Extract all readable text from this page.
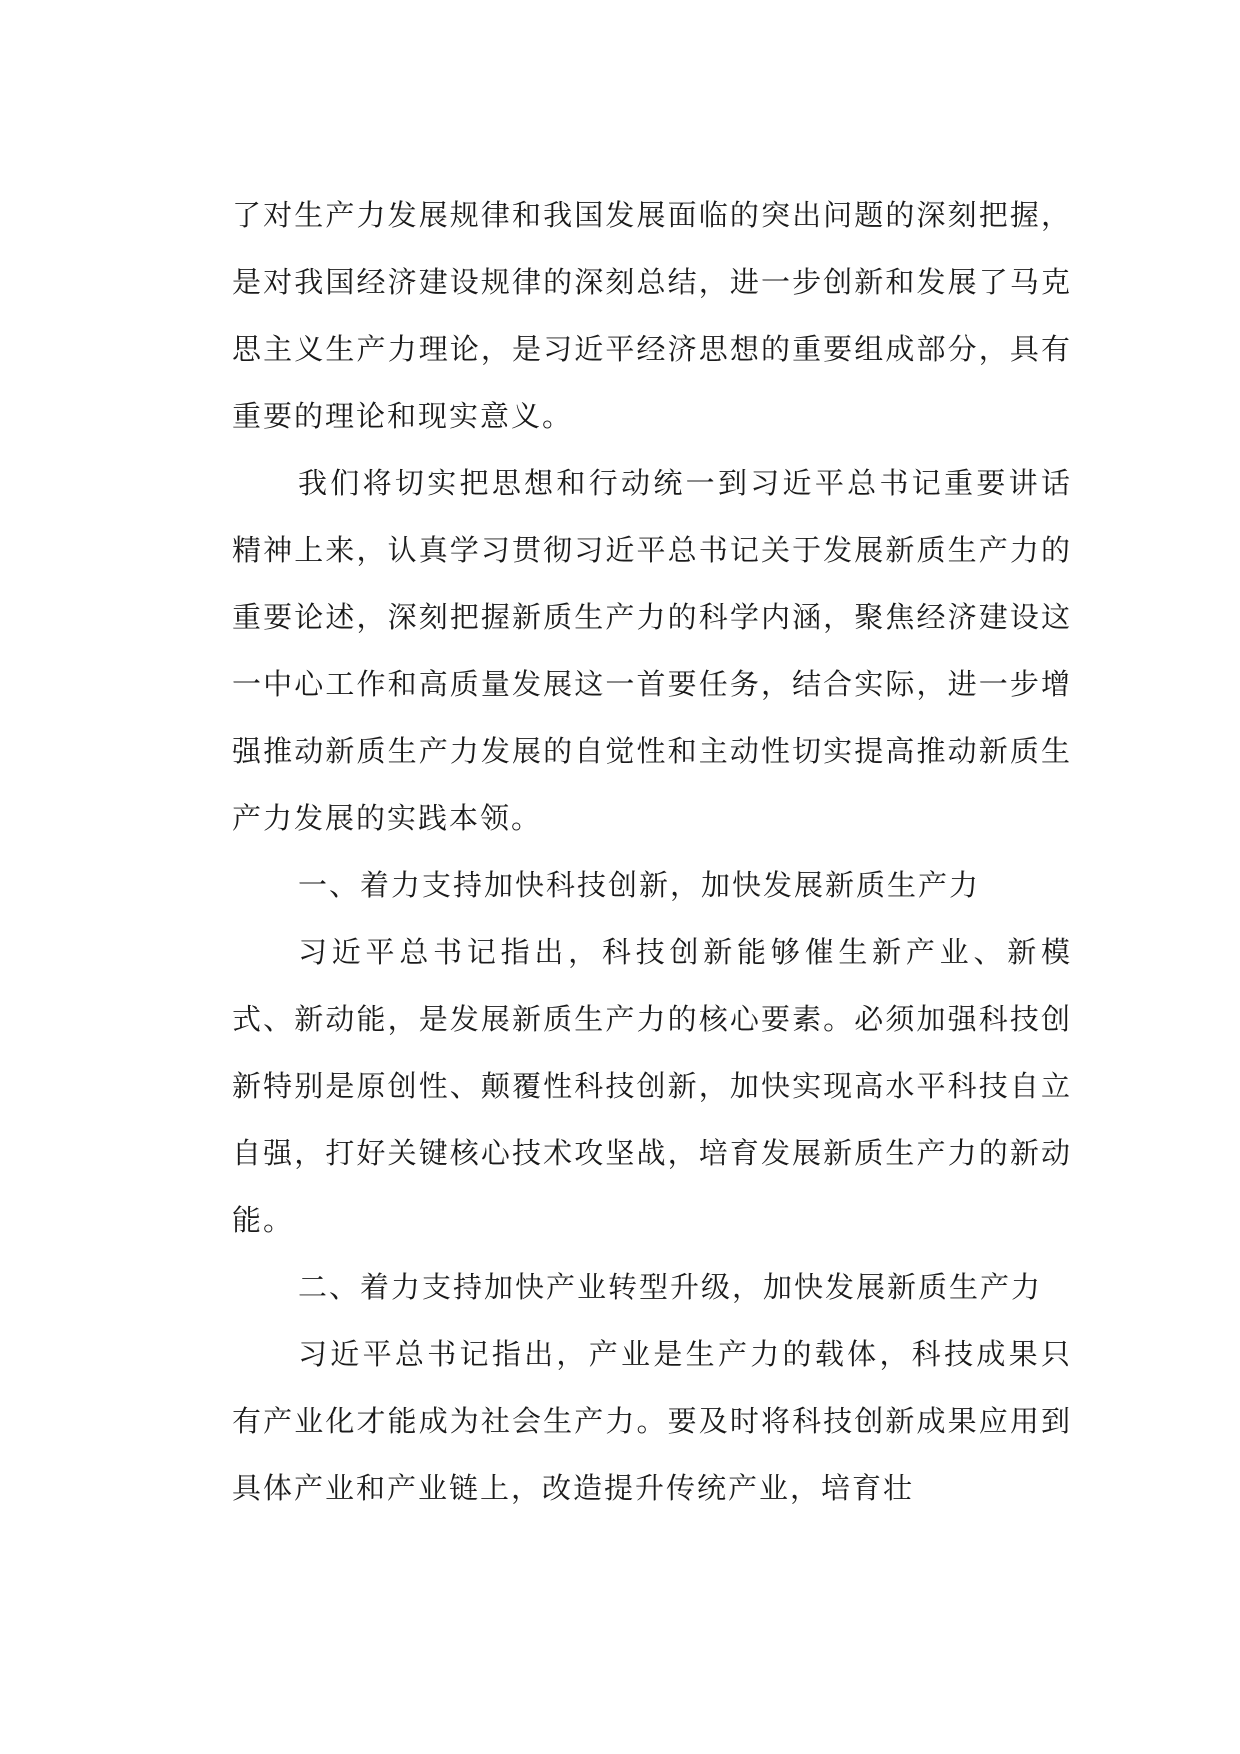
了对生产力发展规律和我国发展面临的突出问题的深刻把握，是对我国经济建设规律的深刻总结，进一步创新和发展了马克思主义生产力理论，是习近平经济思想的重要组成部分，具有重要的理论和现实意义。

我们将切实把思想和行动统一到习近平总书记重要讲话精神上来，认真学习贯彻习近平总书记关于发展新质生产力的重要论述，深刻把握新质生产力的科学内涵，聚焦经济建设这一中心工作和高质量发展这一首要任务，结合实际，进一步增强推动新质生产力发展的自觉性和主动性切实提高推动新质生产力发展的实践本领。

一、着力支持加快科技创新，加快发展新质生产力

习近平总书记指出，科技创新能够催生新产业、新模式、新动能，是发展新质生产力的核心要素。必须加强科技创新特别是原创性、颠覆性科技创新，加快实现高水平科技自立自强，打好关键核心技术攻坚战，培育发展新质生产力的新动能。

二、着力支持加快产业转型升级，加快发展新质生产力

习近平总书记指出，产业是生产力的载体，科技成果只有产业化才能成为社会生产力。要及时将科技创新成果应用到具体产业和产业链上，改造提升传统产业，培育壮
